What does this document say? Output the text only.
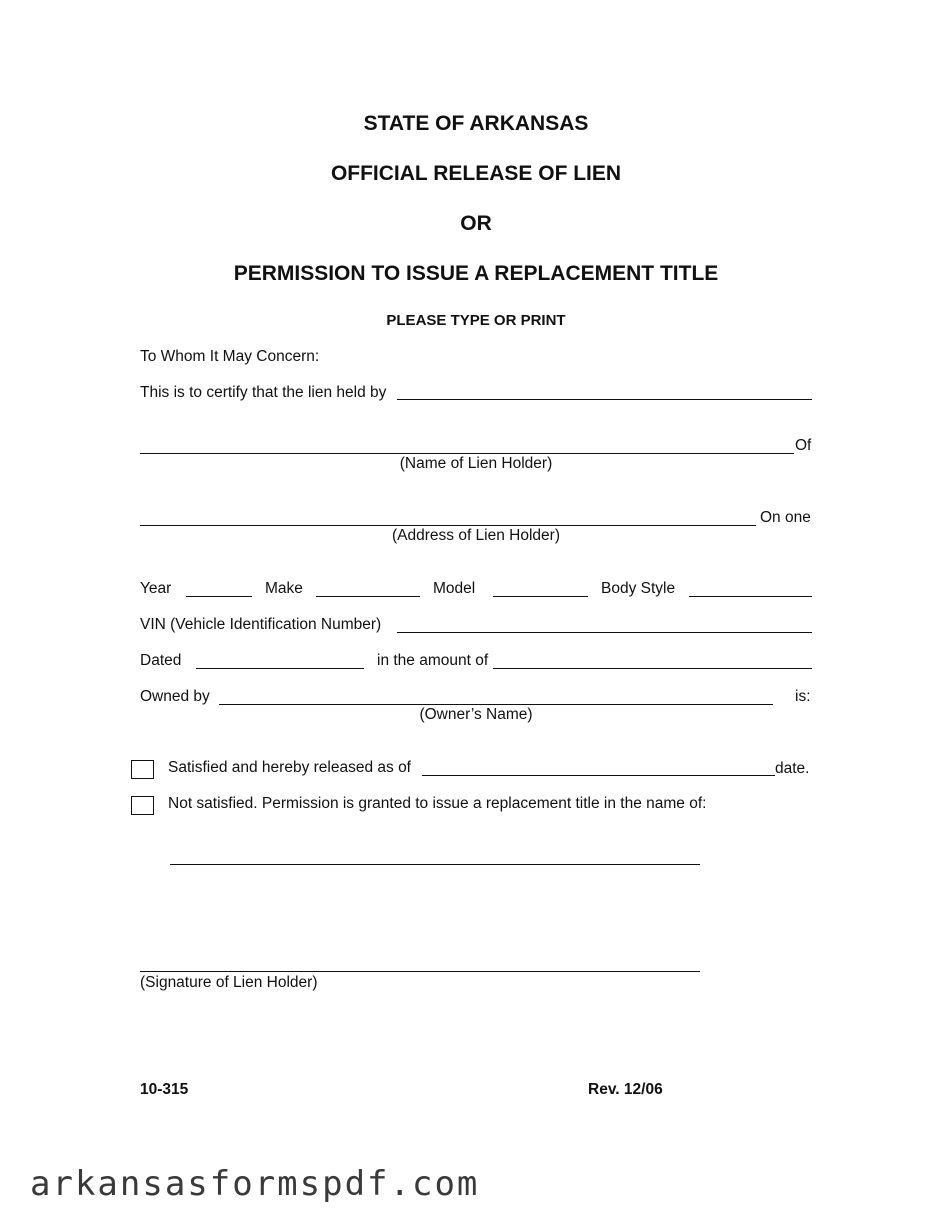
STATE OF ARKANSAS
OFFICIAL RELEASE OF LIEN
OR
PERMISSION TO ISSUE A REPLACEMENT TITLE
PLEASE TYPE OR PRINT
To Whom It May Concern:
This is to certify that the lien held by
Of
(Name of Lien Holder)
On one
(Address of Lien Holder)
Year	Make	Model	Body Style
VIN (Vehicle Identification Number)
Dated	in the amount of
Owned by	is:
(Owner’s Name)
Satisfied and hereby released as of	date.
Not satisfied. Permission is granted to issue a replacement title in the name of:
(Signature of Lien Holder)
10-315	Rev. 12/06
arkansasformspdf.com
